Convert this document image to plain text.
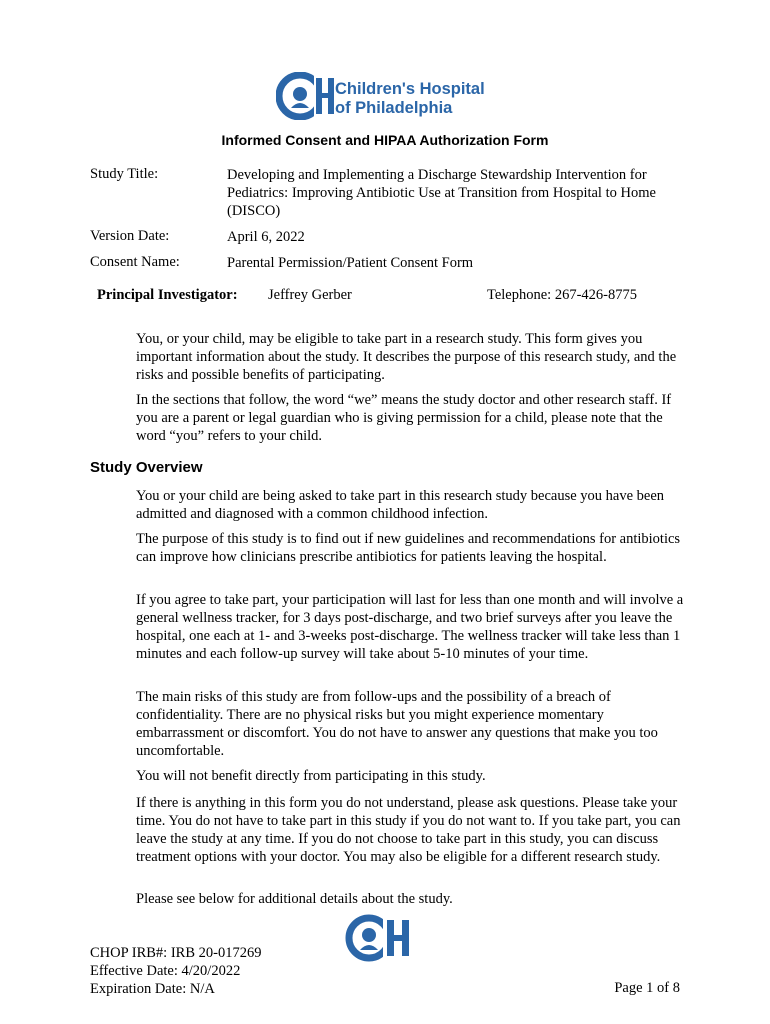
Children's Hospital
of Philadelphia
Informed Consent and HIPAA Authorization Form
Study Title:	Developing and Implementing a Discharge Stewardship Intervention for Pediatrics: Improving Antibiotic Use at Transition from Hospital to Home (DISCO)
Version Date:	April 6, 2022
Consent Name:	Parental Permission/Patient Consent Form
Principal Investigator: Jeffrey Gerber	Telephone: 267-426-8775

You, or your child, may be eligible to take part in a research study. This form gives you important information about the study. It describes the purpose of this research study, and the risks and possible benefits of participating.

In the sections that follow, the word “we” means the study doctor and other research staff. If you are a parent or legal guardian who is giving permission for a child, please note that the word “you” refers to your child.

Study Overview

You or your child are being asked to take part in this research study because you have been admitted and diagnosed with a common childhood infection.

The purpose of this study is to find out if new guidelines and recommendations for antibiotics can improve how clinicians prescribe antibiotics for patients leaving the hospital.

If you agree to take part, your participation will last for less than one month and will involve a general wellness tracker, for 3 days post-discharge, and two brief surveys after you leave the hospital, one each at 1- and 3-weeks post-discharge. The wellness tracker will take less than 1 minutes and each follow-up survey will take about 5-10 minutes of your time.

The main risks of this study are from follow-ups and the possibility of a breach of confidentiality. There are no physical risks but you might experience momentary embarrassment or discomfort. You do not have to answer any questions that make you too uncomfortable.

You will not benefit directly from participating in this study.

If there is anything in this form you do not understand, please ask questions. Please take your time. You do not have to take part in this study if you do not want to. If you take part, you can leave the study at any time. If you do not choose to take part in this study, you can discuss treatment options with your doctor. You may also be eligible for a different research study.

Please see below for additional details about the study.

CHOP IRB#: IRB 20-017269
Effective Date: 4/20/2022
Expiration Date: N/A	Page 1 of 8
